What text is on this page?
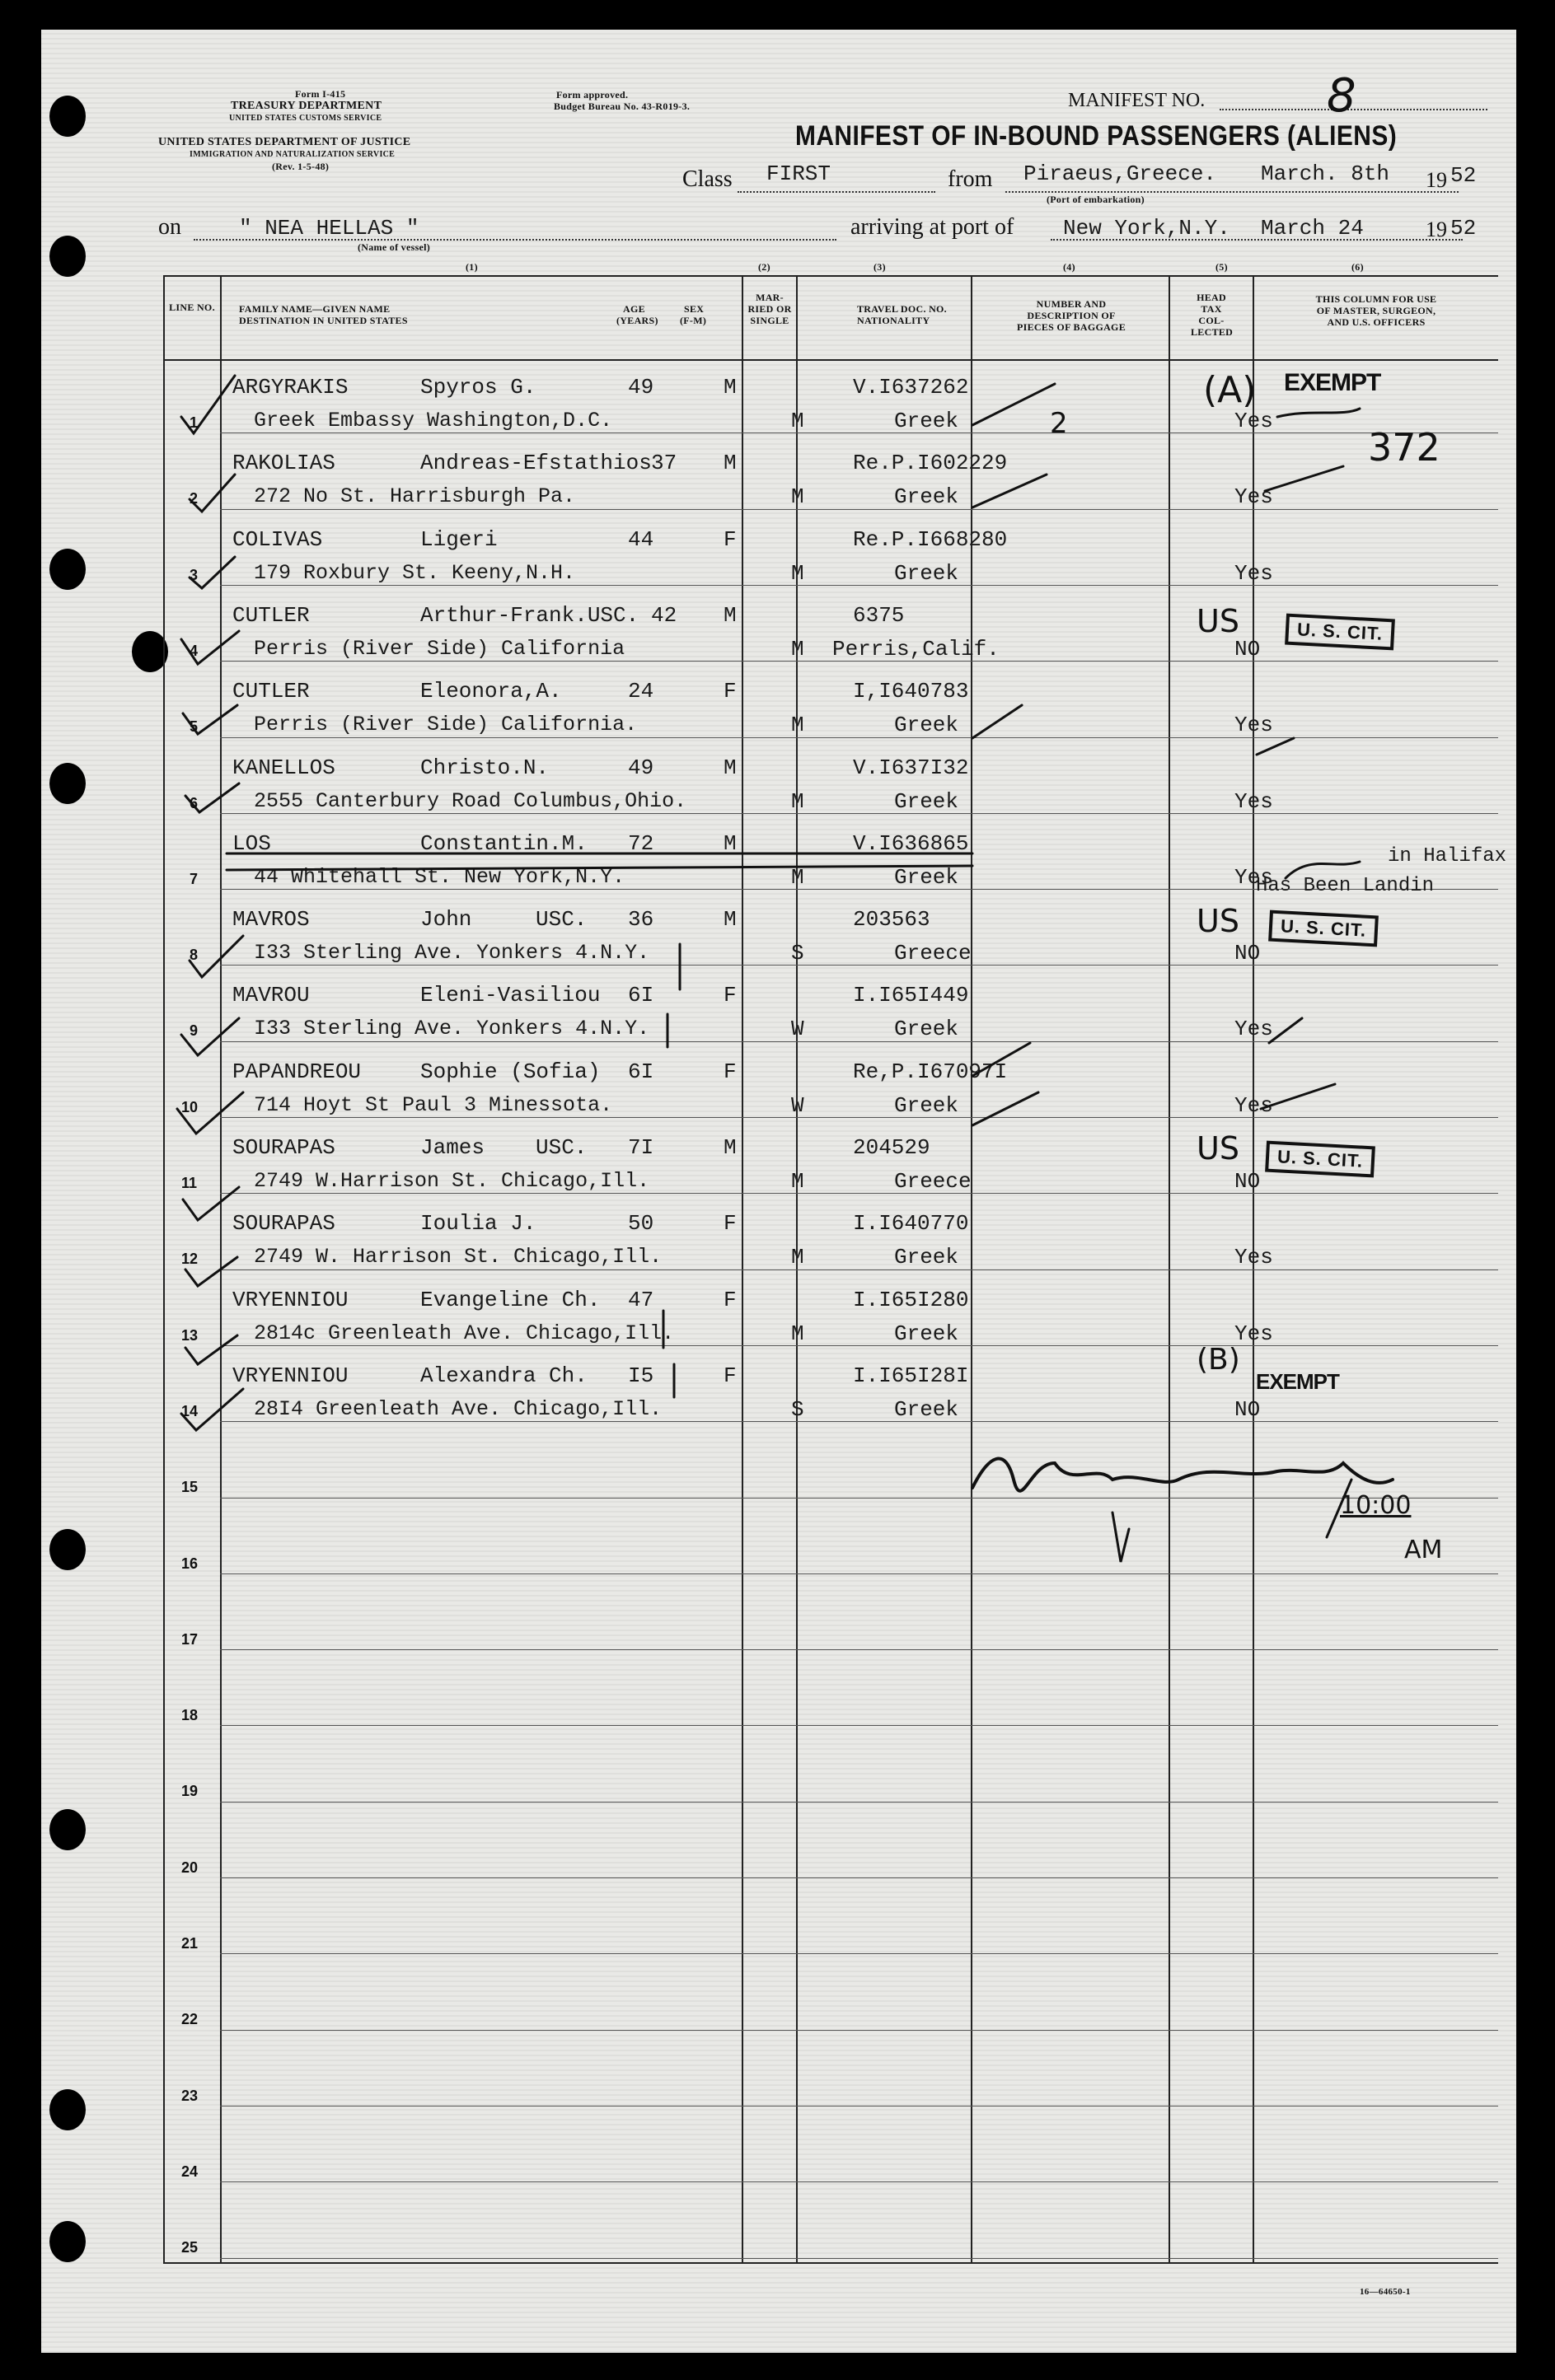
Form I-415
TREASURY DEPARTMENT
UNITED STATES CUSTOMS SERVICE
UNITED STATES DEPARTMENT OF JUSTICE
IMMIGRATION AND NATURALIZATION SERVICE
(Rev. 1-5-48)
Form approved.
Budget Bureau No. 43-R019-3.	MANIFEST NO.	8
MANIFEST OF IN-BOUND PASSENGERS (ALIENS)
Class FIRST	from Piraeus,Greece. March. 8th 19 52
(Port of embarkation)
on	" NEA HELLAS "
(Name of vessel)
arriving at port of New York,N.Y. March 24	19 52
(1)	(2)	(3)	(4)	(5)	(6)
LINE NO. FAMILY NAME—GIVEN NAME
DESTINATION IN UNITED STATES
AGE
(YEARS)
SEX
(F-M)
MAR- RIED OR SINGLE
TRAVEL DOC. NO.
NATIONALITY
NUMBER AND DESCRIPTION OF PIECES OF BAGGAGE
HEAD TAX COL- LECTED
THIS COLUMN FOR USE OF MASTER, SURGEON, AND U.S. OFFICERS
1
ARGYRAKIS	Spyros G.	49	M
Greek Embassy Washington,D.C.	M
V.I637262
Greek	Yes
2
RAKOLIAS	Andreas-Efstathios 37 M
272 No St. Harrisburgh Pa.	M
Re.P.I602229
Greek	Yes
3
COLIVAS	Ligeri	44	F
179 Roxbury St. Keeny,N.H.	M
Re.P.I668280
Greek	Yes
4
CUTLER	Arthur-Frank.USC. 42 M
Perris (River Side) California	M
6375
Perris,Calif.	NO
5
CUTLER	Eleonora,A.	24	F
Perris (River Side) California.	M
I,I640783
Greek	Yes
6
KANELLOS	Christo.N.	49	M
2555 Canterbury Road Columbus,Ohio.	M
V.I637I32
Greek	Yes
7
LOS	Constantin.M. 72	M
44 Whitehall St. New York,N.Y.	M
V.I636865
Greek	Yes
8
MAVROS	John	USC. 36	M
I33 Sterling Ave. Yonkers 4.N.Y.	S
203563
Greece	NO
9
MAVROU	Eleni-Vasiliou 6I	F
I33 Sterling Ave. Yonkers 4.N.Y.	W
I.I65I449
Greek	Yes
10
PAPANDREOU	Sophie (Sofia) 6I	F
714 Hoyt St Paul 3 Minessota.	W
Re,P.I67097I
Greek	Yes
11
SOURAPAS	James USC. 7I	M
2749 W.Harrison St. Chicago,Ill.	M
204529
Greece	NO
12
SOURAPAS	Ioulia J.	50	F
2749 W. Harrison St. Chicago,Ill.	M
I.I640770
Greek	Yes
13
VRYENNIOU	Evangeline Ch. 47	F
2814c Greenleath Ave. Chicago,Ill.	M
I.I65I280
Greek	Yes
14
VRYENNIOU	Alexandra Ch. I5	F
28I4 Greenleath Ave. Chicago,Ill.	S
I.I65I28I
Greek	NO
15
16
17
18
19
20
21
22
23
24
25
(A) EXEMPT
372
2
US	U. S. CIT.
US	U. S. CIT.
US	U. S. CIT.
(B)
EXEMPT
Has Been Landin
in Halifax
10:00
AM
16—64650-1
